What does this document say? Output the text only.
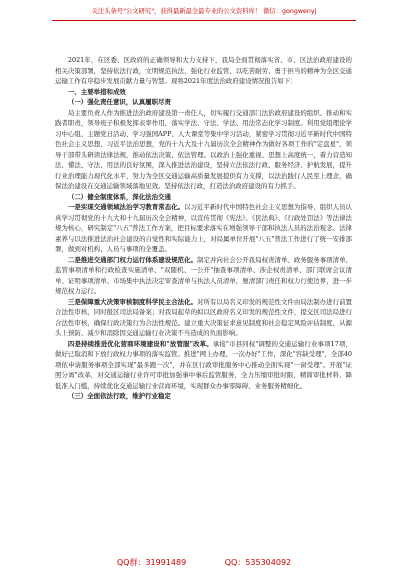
关注头条号"公文研究"，获得最新最全最专业的公文资料库！ 微信：gongwenyj

2021年，在区委、区政府的正确领导和大力支持下，我局全面贯彻落实省、市、区法治政府建设的相关决策部署，坚持依法行政，文明规范执法，强化行业监管，以吃苦耐劳、勇于担当的精神为全区交通运输工作有序稳步发展贡献力量与智慧。现将2021年度法治政府建设情况报告如下：

一、主要举措和成效

（一）强化责任意识，认真履职尽责

局主要负责人作为推进法治政府建设第一责任人，切实履行交通部门法治政府建设的组织、推动和实践者职责，领导班子积极发挥表率作用，落实学法、守法、学法、用法常态化学习制度。利用党组理论学习中心组、主题党日活动、学习强国APP、人大课堂等集中学习活动，紧密学习贯彻习近平新时代中国特色社会主义思想、习近平法治思想，党的十九大及十九届历次全会精神作为做好各项工作的"定盘星"，领导干部带头研读法律法规，推动依法决策、依法管理。以政治上强化重视、思想上高度统一，着力营造知法、懂法、守法、用法的良好氛围，深入推进法治建设，坚持立法依法行政、服务经济、护航发展，提升行业治理能力现代化水平，努力为全区交通运输高质量发展提供有力支撑，以法治践行人民至上理念，确保法治建设在交通运输领域落地见效。坚持依法行政，打造法治政府建设的有力抓手。

（二）健全制度体系，深化法治交通

一是实现交通领域法治学习教育常态化。以习近平新时代中国特色社会主义思想为指导，组织人员认真学习贯彻党的十九大和十九届历次全会精神，以宣传贯彻《宪法》、《民法典》、《行政处罚法》等法律法规为核心，研究制定"八五"普法工作方案，把目标要求落实在增强领导干部和执法人员的法治观念、法律素养与以法推进法治社会建设的自觉性和实际能力上，对局属单位开展"八五"普法工作进行了统一安排部署，做到对机构、人员与事项的全覆盖。

二是推进交通部门权力运行体系建设规范化。制定并向社会公开我局权责清单、政务服务事项清单、监管事项清单和行政检查实施清单、"双随机、一公开"抽查事项清单、涉企权责清单、部门联席会议清单、证明事项清单、市场集中执法决定审查清单与执法人员清单，厘清部门责任和权力行使边界，进一步规范权力运行。

三是保障重大决策审核制度科学民主合法化。对所有以局名义印发的规范性文件由局法制办进行前置合法性审核，同时报区司法局备案；对我局起草的拟以区政府名义印发的规范性文件，提交区司法局进行合法性审核，确保行政决策行为合法性规范。建立重大决策征求意见制度和社会稳定风险评估制度，从源头上预防、减少和消除因交通运输行业决策不当造成的负面影响。

四是持续推进优化营商环境建设和"放管服"改革。承接"市县同权"调整的交通运输行业事项17项，做好已取消和下放行政权力事项的落实监管。推进"网上办理、一次办好"工作，深化"容缺受理"，全部40项依申请服务事项全部实现"最多跑一次"，并在区行政审批服务中心推动全面实现"一窗受理"。开展"证照分离"改革，对交通运输行业许可审批加强事中事后监管服务，全力压缩审批时限、精简审批材料、降低准入门槛，持续优化交通运输行业营商环境，实现群众办事零障碍、业务服务精细化。

（三）全面依法行政，维护行业稳定

QQ群：31991489	QQ：535304092
